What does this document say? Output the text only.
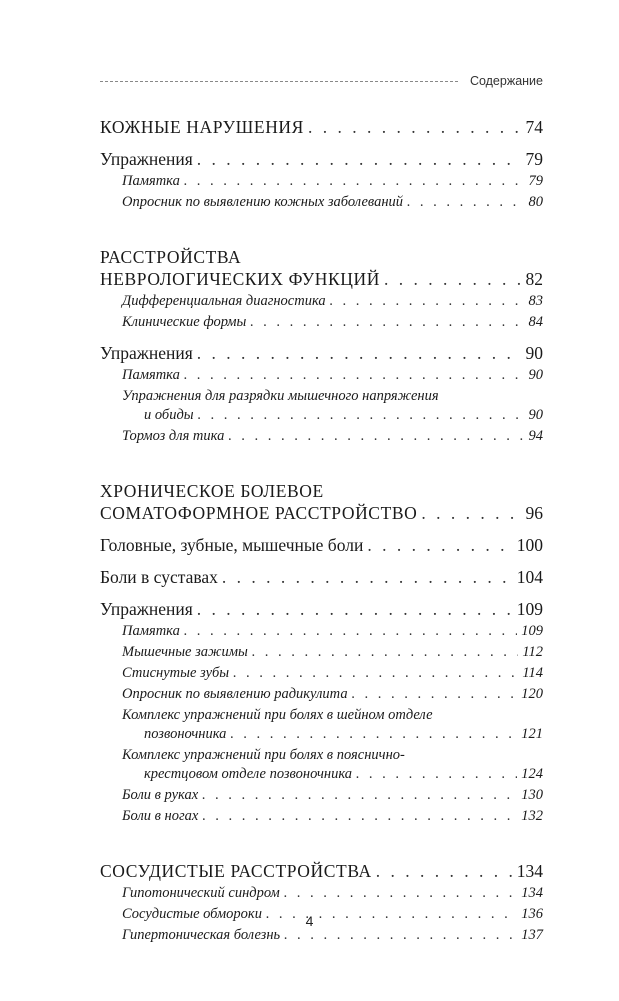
Содержание
КОЖНЫЕ НАРУШЕНИЯ . . .	74
Упражнения . . .	79
Памятка . . .	79
Опросник по выявлению кожных заболеваний . . .	80
РАССТРОЙСТВА
НЕВРОЛОГИЧЕСКИХ ФУНКЦИЙ . . .	82
Дифференциальная диагностика . . .	83
Клинические формы . . .	84
Упражнения . . .	90
Памятка . . .	90
Упражнения для разрядки мышечного напряжения
и обиды . . .	90
Тормоз для тика . . .	94
ХРОНИЧЕСКОЕ БОЛЕВОЕ
СОМАТОФОРМНОЕ РАССТРОЙСТВО . . .	96
Головные, зубные, мышечные боли . . .	100
Боли в суставах . . .	104
Упражнения . . .	109
Памятка . . .	109
Мышечные зажимы . . .	112
Стиснутые зубы . . .	114
Опросник по выявлению радикулита . . .	120
Комплекс упражнений при болях в шейном отделе
позвоночника . . .	121
Комплекс упражнений при болях в пояснично-
крестцовом отделе позвоночника . . .	124
Боли в руках . . .	130
Боли в ногах . . .	132
СОСУДИСТЫЕ РАССТРОЙСТВА . . .	134
Гипотонический синдром . . .	134
Сосудистые обмороки . . .	136
Гипертоническая болезнь . . .	137
4
